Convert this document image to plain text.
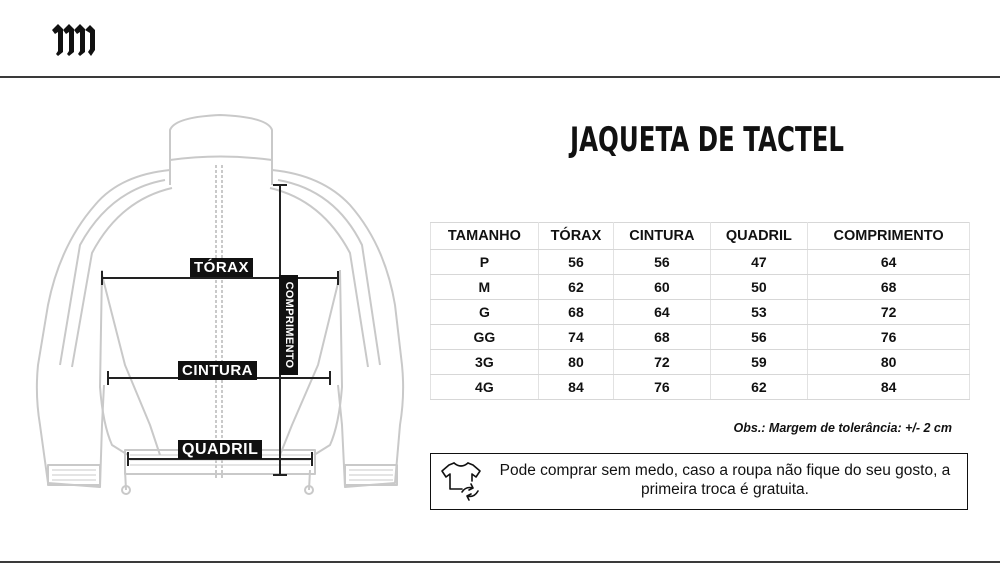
TÓRAX
CINTURA
QUADRIL
COMPRIMENTO
JAQUETA DE TACTEL
TAMANHO	TÓRAX	CINTURA	QUADRIL	COMPRIMENTO
P	56	56	47	64
M	62	60	50	68
G	68	64	53	72
GG	74	68	56	76
3G	80	72	59	80
4G	84	76	62	84
Obs.: Margem de tolerância: +/- 2 cm
Pode comprar sem medo, caso a roupa não fique do seu gosto, a primeira troca é gratuita.
